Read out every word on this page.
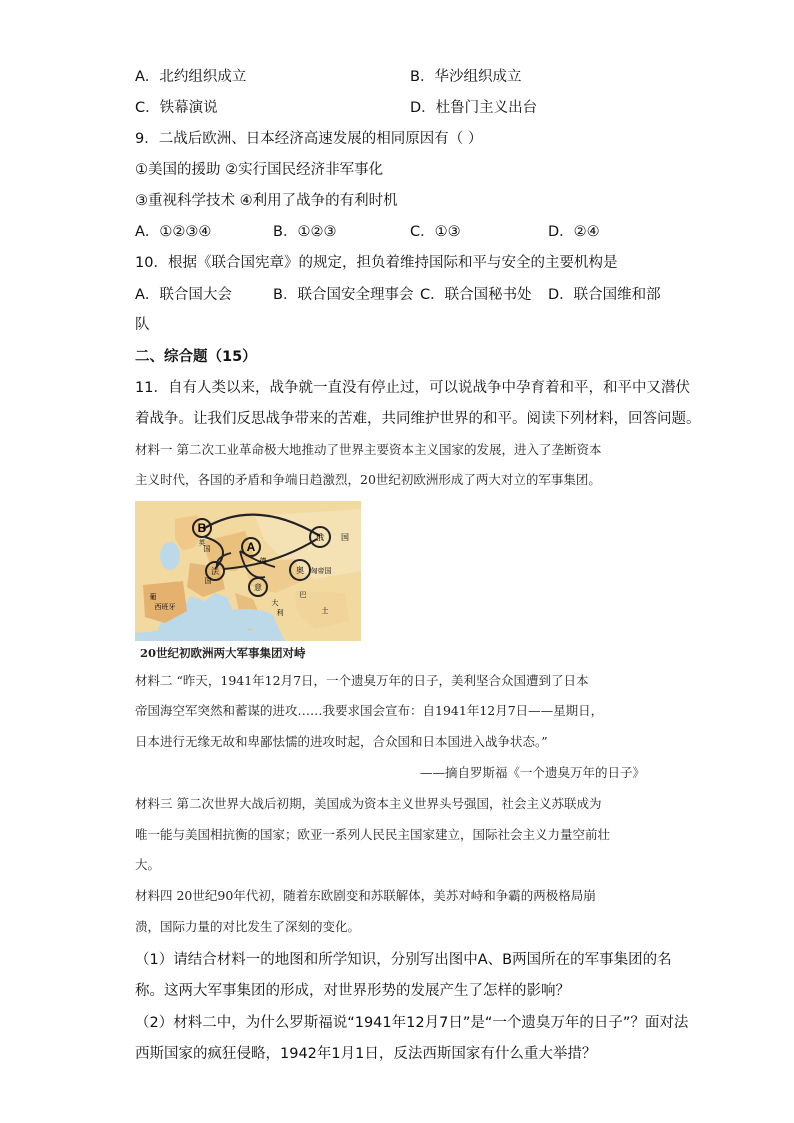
A．北约组织成立	B．华沙组织成立
C．铁幕演说	D．杜鲁门主义出台
9．二战后欧洲、日本经济高速发展的相同原因有（ ）
①美国的援助 ②实行国民经济非军事化
③重视科学技术 ④利用了战争的有利时机
A．①②③④	B．①②③	C．①③	D．②④
10．根据《联合国宪章》的规定，担负着维持国际和平与安全的主要机构是
A．联合国大会	B．联合国安全理事会 C．联合国秘书处 D．联合国维和部
队
二、综合题（15）
11．自有人类以来，战争就一直没有停止过，可以说战争中孕育着和平，和平中又潜伏
着战争。让我们反思战争带来的苦难，共同维护世界的和平。阅读下列材料，回答问题。
材料一 第二次工业革命极大地推动了世界主要资本主义国家的发展，进入了垄断资本
主义时代，各国的矛盾和争端日趋激烈，20世纪初欧洲形成了两大对立的军事集团。
B
A
俄 国
法	奥 匈帝国
意
德
英
葡
西班牙	土
大
利
国
国
巴
20世纪初欧洲两大军事集团对峙
材料二 “昨天，1941年12月7日，一个遗臭万年的日子，美利坚合众国遭到了日本
帝国海空军突然和蓄谋的进攻……我要求国会宣布：自1941年12月7日——星期日，
日本进行无缘无故和卑鄙怯懦的进攻时起，合众国和日本国进入战争状态。”
——摘自罗斯福《一个遗臭万年的日子》
材料三 第二次世界大战后初期，美国成为资本主义世界头号强国，社会主义苏联成为
唯一能与美国相抗衡的国家；欧亚一系列人民民主国家建立，国际社会主义力量空前壮
大。
材料四 20世纪90年代初，随着东欧剧变和苏联解体，美苏对峙和争霸的两极格局崩
溃，国际力量的对比发生了深刻的变化。
（1）请结合材料一的地图和所学知识，分别写出图中A、B两国所在的军事集团的名
称。这两大军事集团的形成，对世界形势的发展产生了怎样的影响？
（2）材料二中，为什么罗斯福说“1941年12月7日”是“一个遗臭万年的日子”？面对法
西斯国家的疯狂侵略，1942年1月1日，反法西斯国家有什么重大举措？
